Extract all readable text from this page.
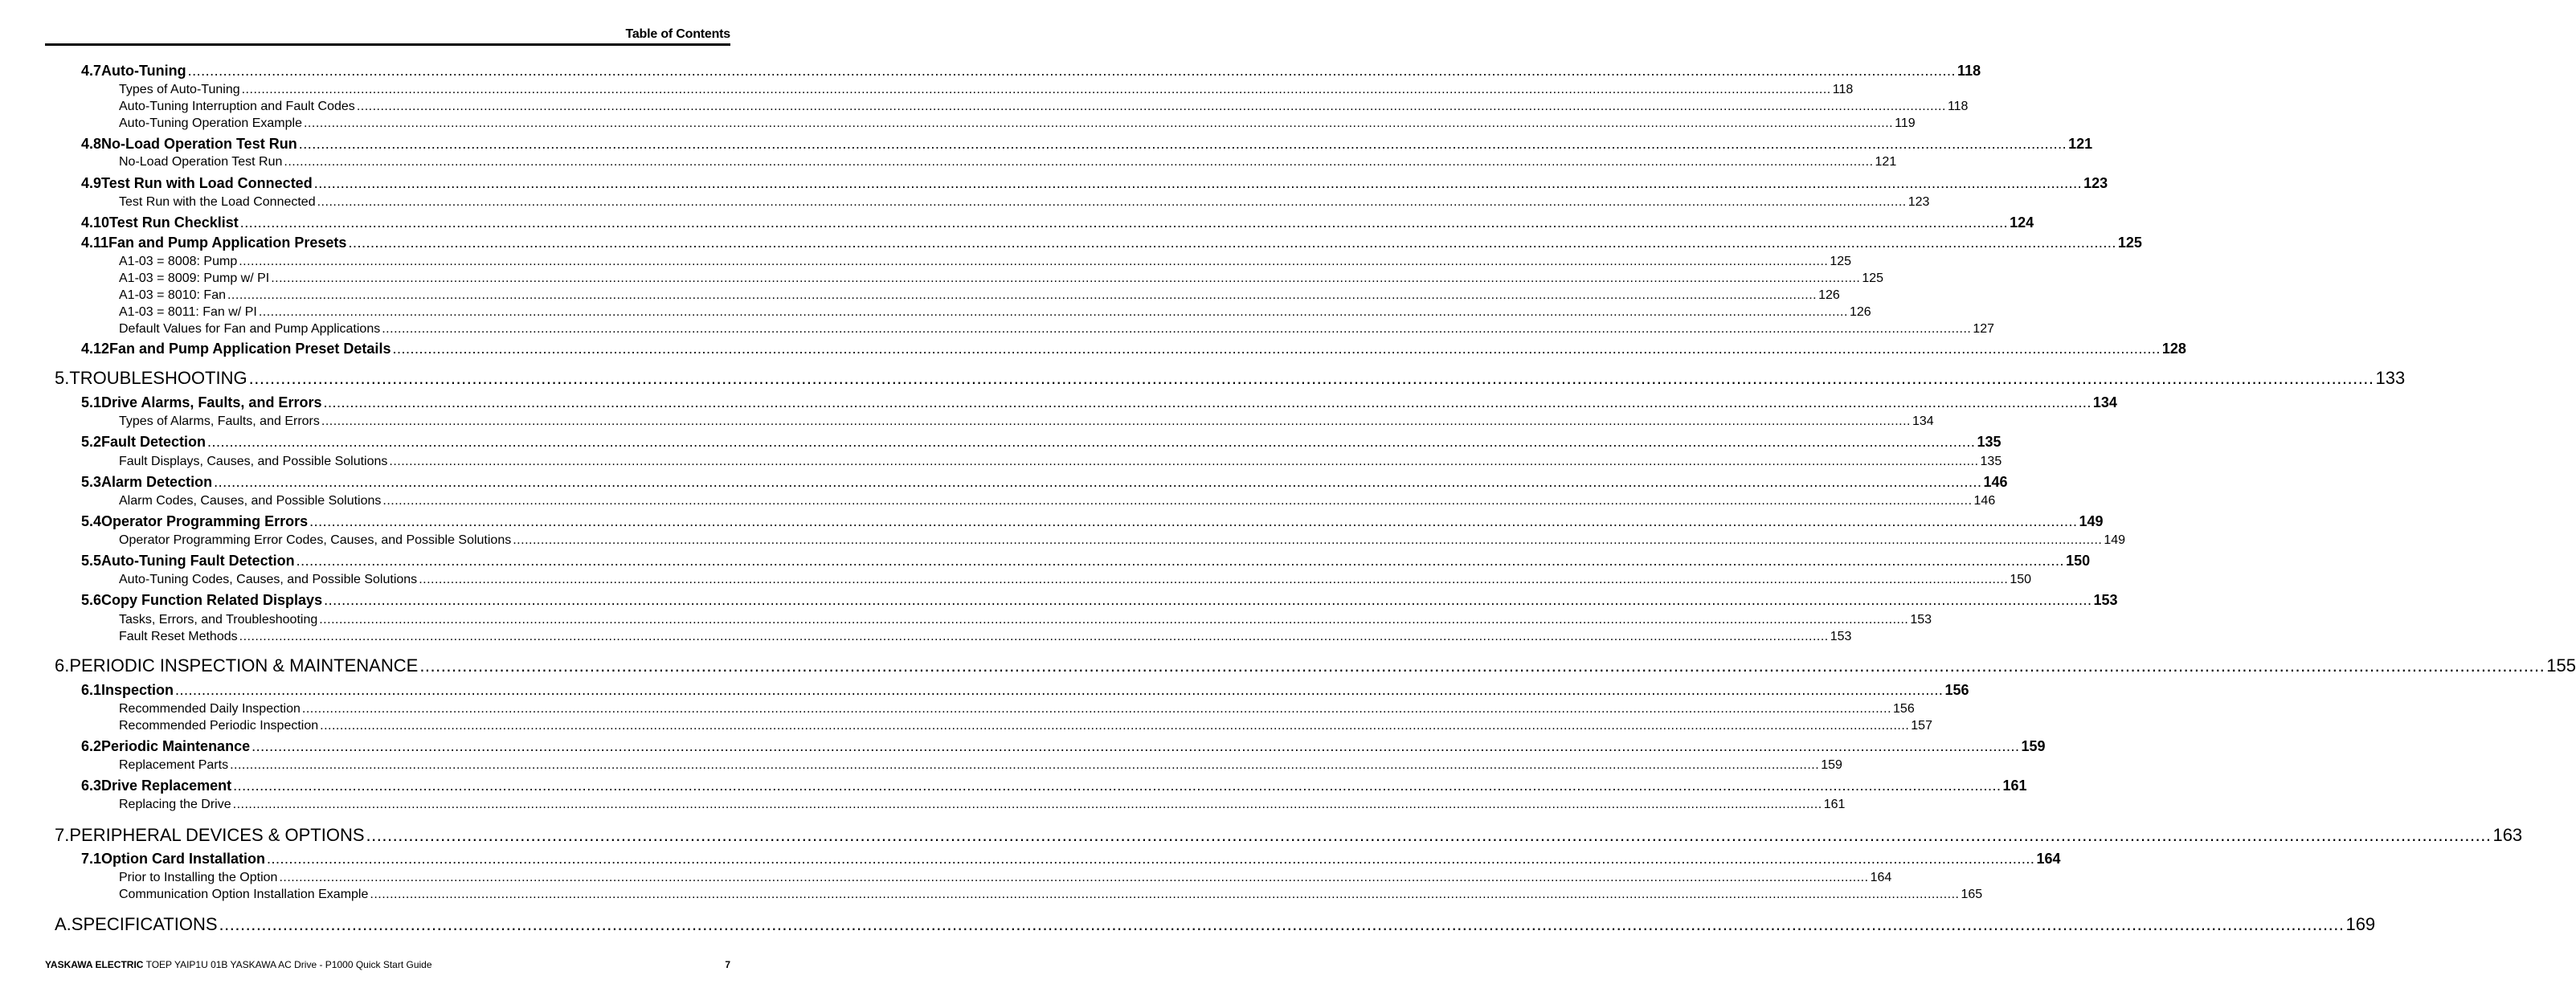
Table of Contents
4.7 Auto-Tuning ................................................................................................................................................................................................................................................................................................................................................................................................................ 118
Types of Auto-Tuning ................................................................................................................................................................................................................................................................................................................................................................................................................ 118
Auto-Tuning Interruption and Fault Codes ................................................................................................................................................................................................................................................................................................................................................................................................................ 118
Auto-Tuning Operation Example ................................................................................................................................................................................................................................................................................................................................................................................................................ 119
4.8 No-Load Operation Test Run ................................................................................................................................................................................................................................................................................................................................................................................................................ 121
No-Load Operation Test Run ................................................................................................................................................................................................................................................................................................................................................................................................................ 121
4.9 Test Run with Load Connected ................................................................................................................................................................................................................................................................................................................................................................................................................ 123
Test Run with the Load Connected ................................................................................................................................................................................................................................................................................................................................................................................................................ 123
4.10 Test Run Checklist ................................................................................................................................................................................................................................................................................................................................................................................................................ 124
4.11 Fan and Pump Application Presets ................................................................................................................................................................................................................................................................................................................................................................................................................ 125
A1-03 = 8008: Pump ................................................................................................................................................................................................................................................................................................................................................................................................................ 125
A1-03 = 8009: Pump w/ PI ................................................................................................................................................................................................................................................................................................................................................................................................................ 125
A1-03 = 8010: Fan ................................................................................................................................................................................................................................................................................................................................................................................................................ 126
A1-03 = 8011: Fan w/ PI ................................................................................................................................................................................................................................................................................................................................................................................................................ 126
Default Values for Fan and Pump Applications ................................................................................................................................................................................................................................................................................................................................................................................................................ 127
4.12 Fan and Pump Application Preset Details ................................................................................................................................................................................................................................................................................................................................................................................................................ 128
5. TROUBLESHOOTING ................................................................................................................................................................................................................................................................................................................................................................................................................ 133
5.1 Drive Alarms, Faults, and Errors ................................................................................................................................................................................................................................................................................................................................................................................................................ 134
Types of Alarms, Faults, and Errors ................................................................................................................................................................................................................................................................................................................................................................................................................ 134
5.2 Fault Detection ................................................................................................................................................................................................................................................................................................................................................................................................................ 135
Fault Displays, Causes, and Possible Solutions ................................................................................................................................................................................................................................................................................................................................................................................................................ 135
5.3 Alarm Detection ................................................................................................................................................................................................................................................................................................................................................................................................................ 146
Alarm Codes, Causes, and Possible Solutions ................................................................................................................................................................................................................................................................................................................................................................................................................ 146
5.4 Operator Programming Errors ................................................................................................................................................................................................................................................................................................................................................................................................................ 149
Operator Programming Error Codes, Causes, and Possible Solutions ................................................................................................................................................................................................................................................................................................................................................................................................................ 149
5.5 Auto-Tuning Fault Detection ................................................................................................................................................................................................................................................................................................................................................................................................................ 150
Auto-Tuning Codes, Causes, and Possible Solutions ................................................................................................................................................................................................................................................................................................................................................................................................................ 150
5.6 Copy Function Related Displays ................................................................................................................................................................................................................................................................................................................................................................................................................ 153
Tasks, Errors, and Troubleshooting ................................................................................................................................................................................................................................................................................................................................................................................................................ 153
Fault Reset Methods ................................................................................................................................................................................................................................................................................................................................................................................................................ 153
6. PERIODIC INSPECTION & MAINTENANCE ................................................................................................................................................................................................................................................................................................................................................................................................................ 155
6.1 Inspection ................................................................................................................................................................................................................................................................................................................................................................................................................ 156
Recommended Daily Inspection ................................................................................................................................................................................................................................................................................................................................................................................................................ 156
Recommended Periodic Inspection ................................................................................................................................................................................................................................................................................................................................................................................................................ 157
6.2 Periodic Maintenance ................................................................................................................................................................................................................................................................................................................................................................................................................ 159
Replacement Parts ................................................................................................................................................................................................................................................................................................................................................................................................................ 159
6.3 Drive Replacement ................................................................................................................................................................................................................................................................................................................................................................................................................ 161
Replacing the Drive ................................................................................................................................................................................................................................................................................................................................................................................................................ 161
7. PERIPHERAL DEVICES & OPTIONS ................................................................................................................................................................................................................................................................................................................................................................................................................ 163
7.1 Option Card Installation ................................................................................................................................................................................................................................................................................................................................................................................................................ 164
Prior to Installing the Option ................................................................................................................................................................................................................................................................................................................................................................................................................ 164
Communication Option Installation Example ................................................................................................................................................................................................................................................................................................................................................................................................................ 165
A. SPECIFICATIONS ................................................................................................................................................................................................................................................................................................................................................................................................................ 169
YASKAWA ELECTRIC TOEP YAIP1U 01B YASKAWA AC Drive - P1000 Quick Start Guide	7
